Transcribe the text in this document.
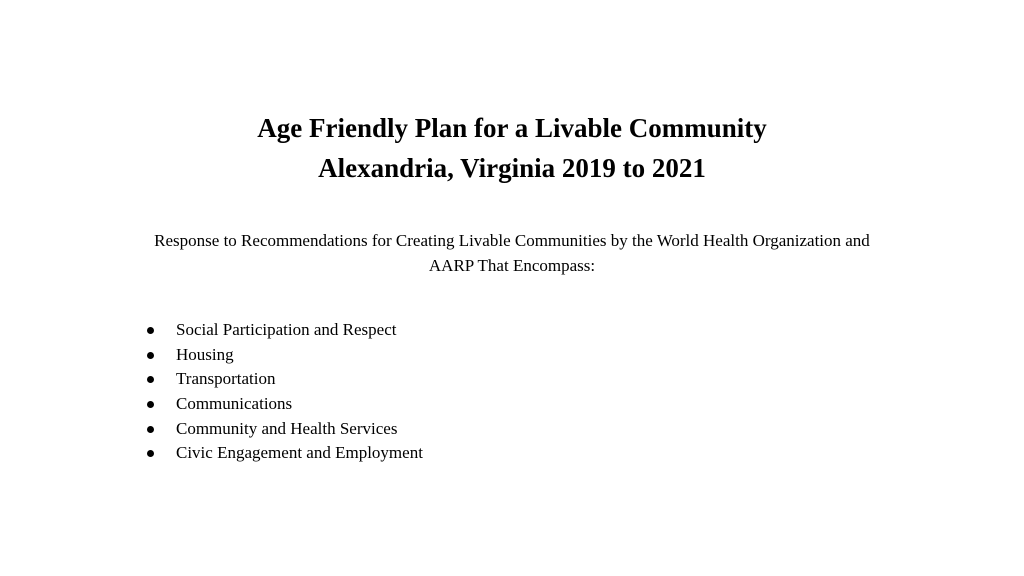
Age Friendly Plan for a Livable Community

Alexandria, Virginia 2019 to 2021

Response to Recommendations for Creating Livable Communities by the World Health Organization and AARP That Encompass:

Social Participation and Respect
Housing
Transportation
Communications
Community and Health Services
Civic Engagement and Employment
